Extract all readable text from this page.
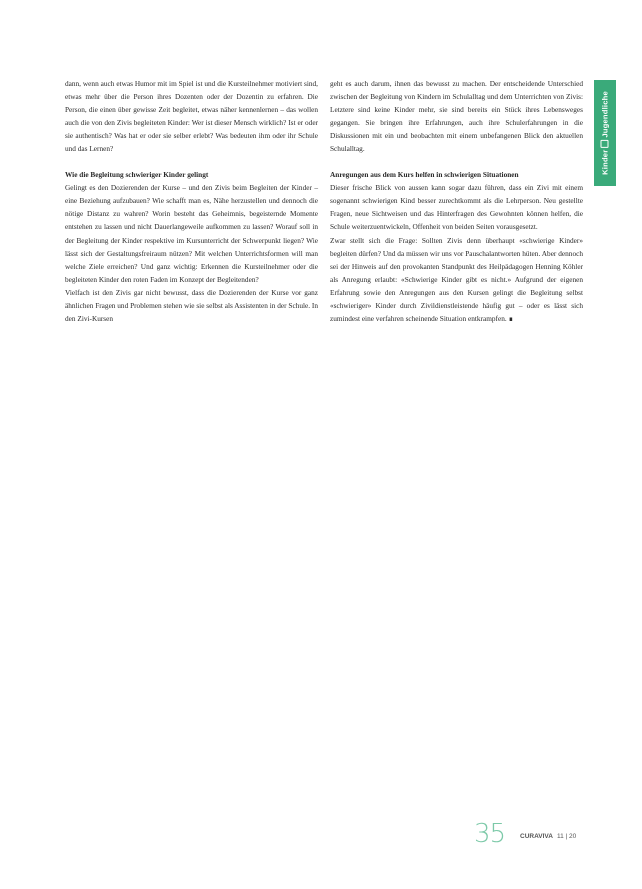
dann, wenn auch etwas Humor mit im Spiel ist und die Kursteilnehmer motiviert sind, etwas mehr über die Person ihres Dozenten oder der Dozentin zu erfahren. Die Person, die einen über gewisse Zeit begleitet, etwas näher kennenlernen – das wollen auch die von den Zivis begleiteten Kinder: Wer ist dieser Mensch wirklich? Ist er oder sie authentisch? Was hat er oder sie selber erlebt? Was bedeuten ihm oder ihr Schule und das Lernen?

Wie die Begleitung schwieriger Kinder gelingt

Gelingt es den Dozierenden der Kurse – und den Zivis beim Begleiten der Kinder – eine Beziehung aufzubauen? Wie schafft man es, Nähe herzustellen und dennoch die nötige Distanz zu wahren? Worin besteht das Geheimnis, begeisternde Momente entstehen zu lassen und nicht Dauerlangeweile aufkommen zu lassen? Worauf soll in der Begleitung der Kinder respektive im Kursunterricht der Schwerpunkt liegen? Wie lässt sich der Gestaltungsfreiraum nützen? Mit welchen Unterrichtsformen will man welche Ziele erreichen? Und ganz wichtig: Erkennen die Kursteilnehmer oder die begleiteten Kinder den roten Faden im Konzept der Begleitenden?

Vielfach ist den Zivis gar nicht bewusst, dass die Dozierenden der Kurse vor ganz ähnlichen Fragen und Problemen stehen wie sie selbst als Assistenten in der Schule. In den Zivi-Kursen

geht es auch darum, ihnen das bewusst zu machen. Der entscheidende Unterschied zwischen der Begleitung von Kindern im Schulalltag und dem Unterrichten von Zivis: Letztere sind keine Kinder mehr, sie sind bereits ein Stück ihres Lebensweges gegangen. Sie bringen ihre Erfahrungen, auch ihre Schulerfahrungen in die Diskussionen mit ein und beobachten mit einem unbefangenen Blick den aktuellen Schulalltag.

Anregungen aus dem Kurs helfen in schwierigen Situationen

Dieser frische Blick von aussen kann sogar dazu führen, dass ein Zivi mit einem sogenannt schwierigen Kind besser zurechtkommt als die Lehrperson. Neu gestellte Fragen, neue Sichtweisen und das Hinterfragen des Gewohnten können helfen, die Schule weiterzuentwickeln, Offenheit von beiden Seiten vorausgesetzt.

Zwar stellt sich die Frage: Sollten Zivis denn überhaupt «schwierige Kinder» begleiten dürfen? Und da müssen wir uns vor Pauschalantworten hüten. Aber dennoch sei der Hinweis auf den provokanten Standpunkt des Heilpädagogen Henning Köhler als Anregung erlaubt: «Schwierige Kinder gibt es nicht.» Aufgrund der eigenen Erfahrung sowie den Anregungen aus den Kursen gelingt die Begleitung selbst «schwieriger» Kinder durch Zivildienstleistende häufig gut – oder es lässt sich zumindest eine verfahren scheinende Situation entkrampfen. ∎

KinderJugendliche
35 CURAVIVA 11 | 20
